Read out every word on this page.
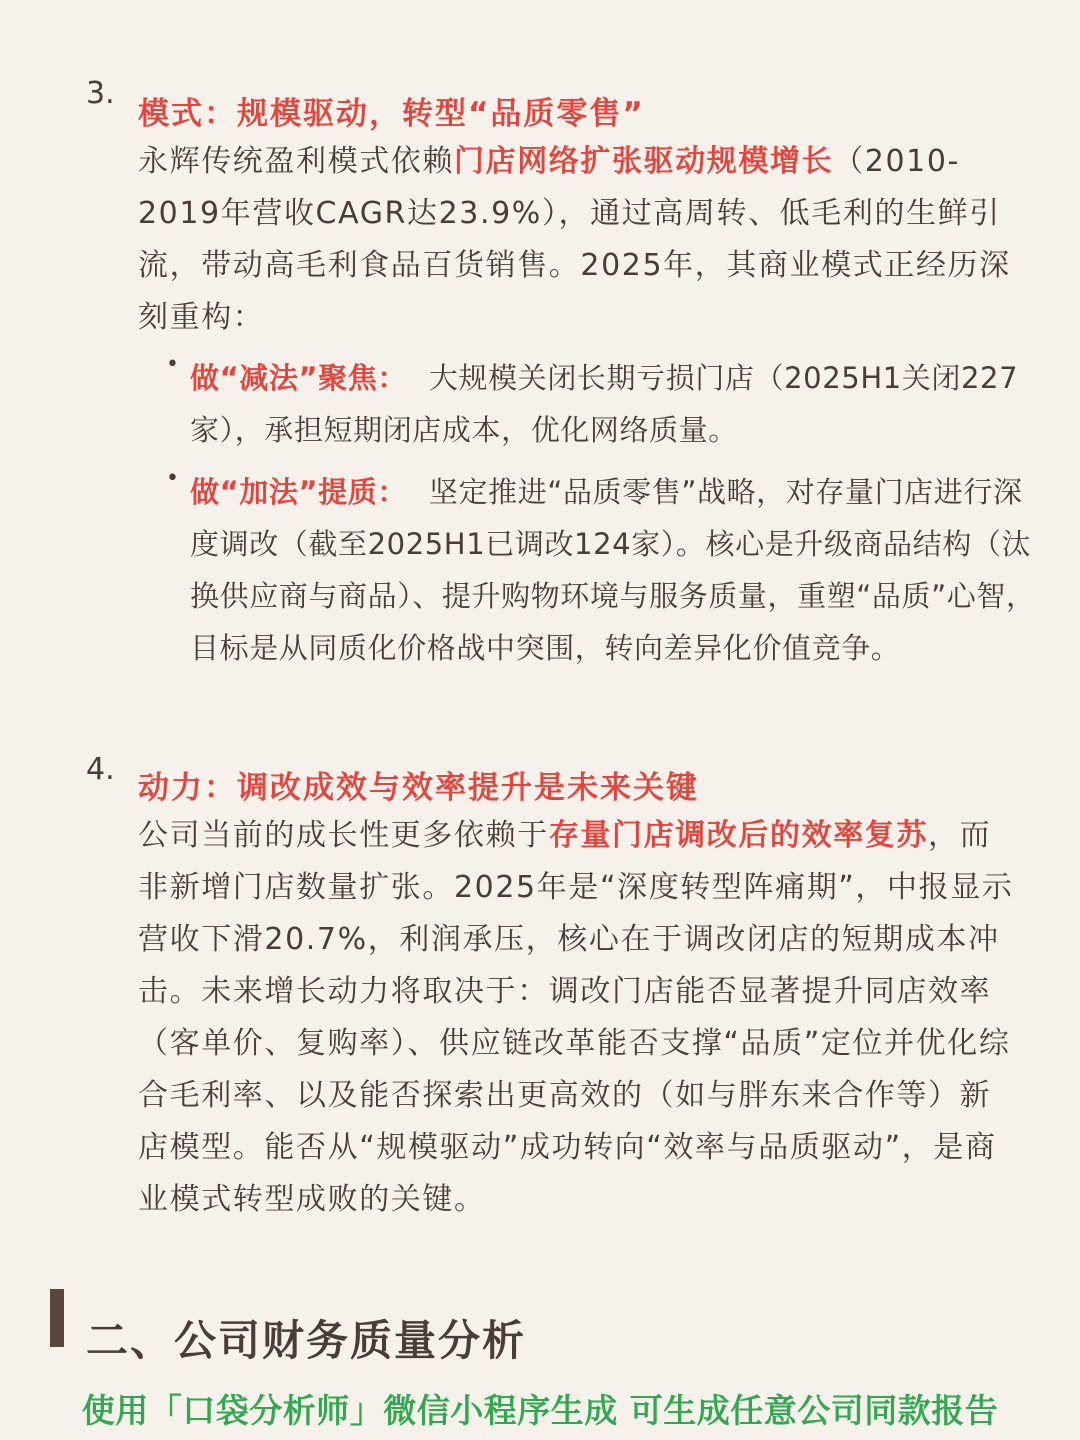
3.
模式：规模驱动，转型“品质零售”
永辉传统盈利模式依赖门店网络扩张驱动规模增长（2010-2019年营收CAGR达23.9%），通过高周转、低毛利的生鲜引流，带动高毛利食品百货销售。2025年，其商业模式正经历深刻重构：
• 做“减法”聚焦： 大规模关闭长期亏损门店（2025H1关闭227家），承担短期闭店成本，优化网络质量。
• 做“加法”提质： 坚定推进“品质零售”战略，对存量门店进行深度调改（截至2025H1已调改124家）。核心是升级商品结构（汰换供应商与商品）、提升购物环境与服务质量，重塑“品质”心智，目标是从同质化价格战中突围，转向差异化价值竞争。
4.
动力：调改成效与效率提升是未来关键
公司当前的成长性更多依赖于存量门店调改后的效率复苏，而非新增门店数量扩张。2025年是“深度转型阵痛期”，中报显示营收下滑20.7%，利润承压，核心在于调改闭店的短期成本冲击。未来增长动力将取决于：调改门店能否显著提升同店效率（客单价、复购率）、供应链改革能否支撑“品质”定位并优化综合毛利率、以及能否探索出更高效的（如与胖东来合作等）新店模型。能否从“规模驱动”成功转向“效率与品质驱动”，是商业模式转型成败的关键。
二、公司财务质量分析
使用「口袋分析师」微信小程序生成 可生成任意公司同款报告
